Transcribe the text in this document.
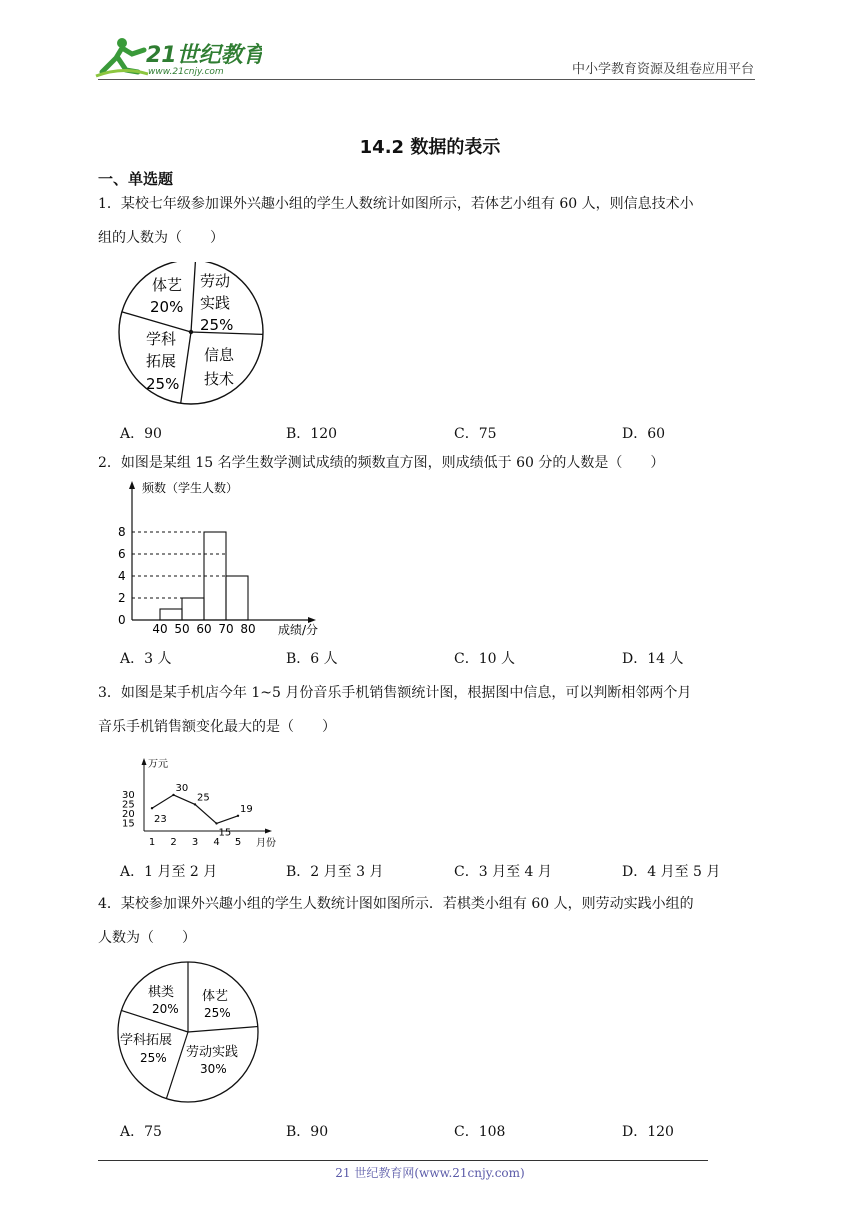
21世纪教育
www.21cnjy.com	中小学教育资源及组卷应用平台
14.2 数据的表示
一、单选题
1．某校七年级参加课外兴趣小组的学生人数统计如图所示，若体艺小组有 60 人，则信息技术小
组的人数为（　　）
体艺
20%
劳动
实践
25%
信息
技术
学科
拓展
25%
A．90	B．120	C．75	D．60
2．如图是某组 15 名学生数学测试成绩的频数直方图，则成绩低于 60 分的人数是（　　）
频数（学生人数）
成绩/分
0
2
4
6
8
40 50 60 70 80
A．3 人	B．6 人	C．10 人	D．14 人
3．如图是某手机店今年 1~5 月份音乐手机销售额统计图，根据图中信息，可以判断相邻两个月
音乐手机销售额变化最大的是（　　）
万元
月份
15
20
25
30
1 2 3 4 5
23
30
25
15
19
A．1 月至 2 月	B．2 月至 3 月	C．3 月至 4 月	D．4 月至 5 月
4．某校参加课外兴趣小组的学生人数统计图如图所示．若棋类小组有 60 人，则劳动实践小组的
人数为（　　）
棋类
20%
体艺
25%
劳动实践
30%
学科拓展
25%
A．75	B．90	C．108	D．120
21 世纪教育网(www.21cnjy.com)
